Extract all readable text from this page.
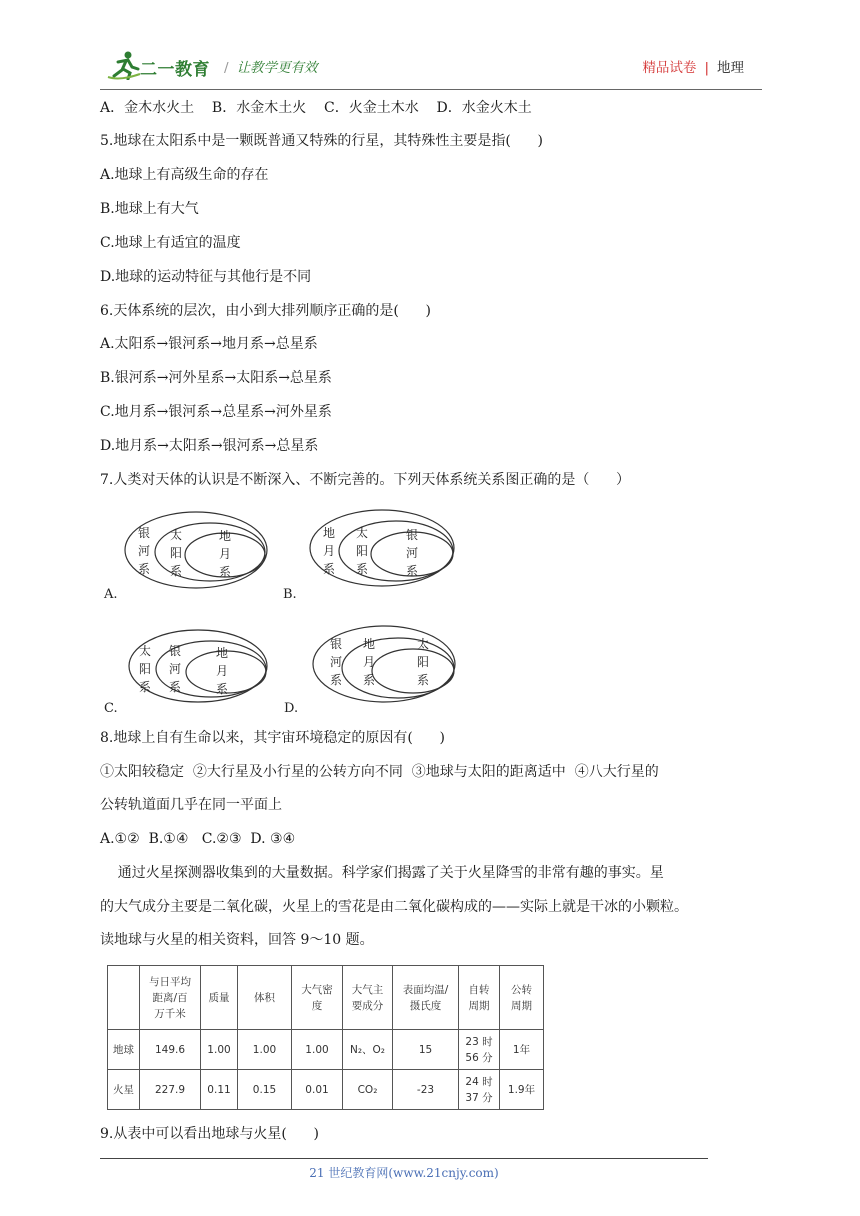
二一教育 / 让教学更有效	精品试卷 | 地理
A．金木水火土    B．水金木土火    C．火金土木水    D．水金火木土
5.地球在太阳系中是一颗既普通又特殊的行星，其特殊性主要是指(      )
A.地球上有高级生命的存在
B.地球上有大气
C.地球上有适宜的温度
D.地球的运动特征与其他行是不同
6.天体系统的层次，由小到大排列顺序正确的是(      )
A.太阳系→银河系→地月系→总星系
B.银河系→河外星系→太阳系→总星系
C.地月系→银河系→总星系→河外星系
D.地月系→太阳系→银河系→总星系
7.人类对天体的认识是不断深入、不断完善的。下列天体系统关系图正确的是（      ）
A.
银
河
系
太
阳
系
地
月
系
B.
地
月
系
太
阳
系
银
河
系
C.
太
阳
系
银
河
系
地
月
系
D.
银
河
系
地
月
系
太
阳
系
8.地球上自有生命以来，其宇宙环境稳定的原因有(      )
①太阳较稳定  ②大行星及小行星的公转方向不同  ③地球与太阳的距离适中  ④八大行星的
公转轨道面几乎在同一平面上
A.①②  B.①④   C.②③  D. ③④
通过火星探测器收集到的大量数据。科学家们揭露了关于火星降雪的非常有趣的事实。星
的大气成分主要是二氧化碳，火星上的雪花是由二氧化碳构成的——实际上就是干冰的小颗粒。
读地球与火星的相关资料，回答 9～10 题。
	与日平均
距离/百
万千米	质量	体积	大气密
度	大气主
要成分	表面均温/
摄氏度	自转
周期	公转
周期
地球	149.6	1.00	1.00	1.00	N₂、O₂	15	23 时
56 分	1年
火星	227.9	0.11	0.15	0.01	CO₂	-23	24 时
37 分	1.9年
9.从表中可以看出地球与火星(      )
21 世纪教育网(www.21cnjy.com)
